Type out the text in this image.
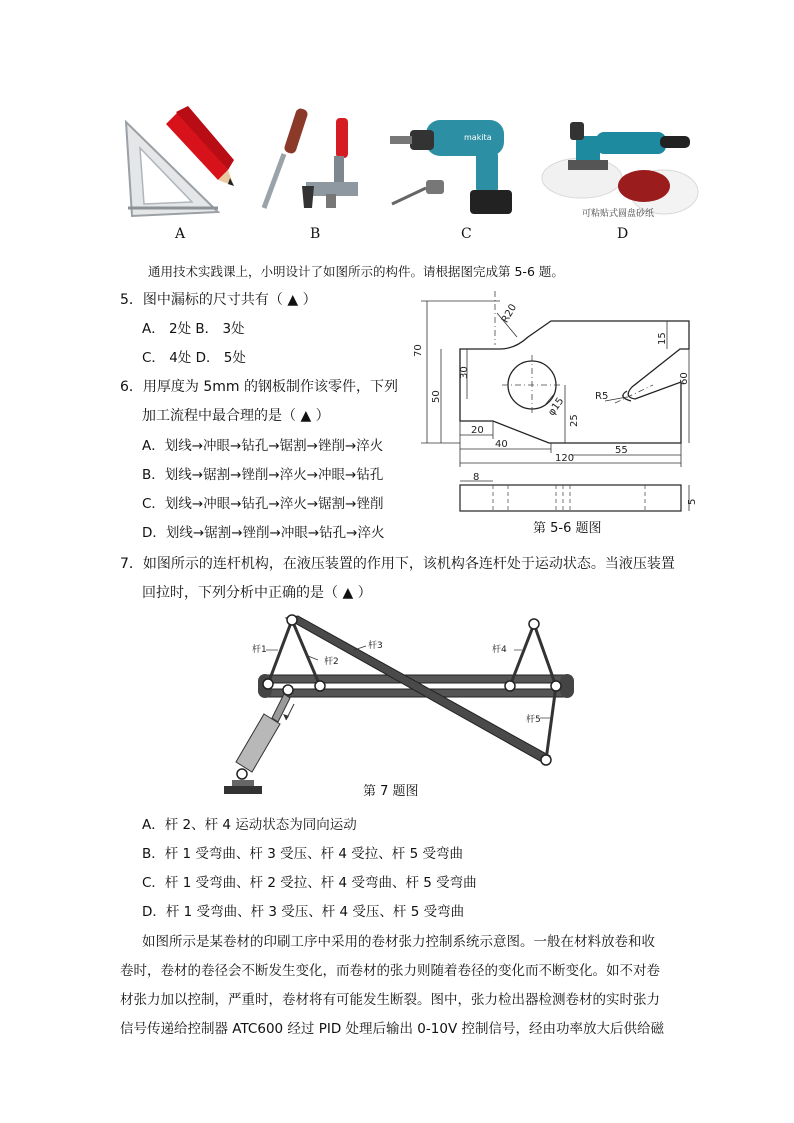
makita
可粘贴式圆盘砂纸
A	B	C	D
通用技术实践课上，小明设计了如图所示的构件。请根据图完成第 5-6 题。
5．图中漏标的尺寸共有（ ▲ ）
A． 2处 B． 3处
C． 4处 D． 5处
6．用厚度为 5mm 的钢板制作该零件，下列
加工流程中最合理的是（ ▲ ）
A．划线→冲眼→钻孔→锯割→锉削→淬火
B．划线→锯割→锉削→淬火→冲眼→钻孔
C．划线→冲眼→钻孔→淬火→锯割→锉削
D．划线→锯割→锉削→冲眼→钻孔→淬火
R20
70
50
30
20
40
120
55
15
60
R5
φ15
25
8
5
第 5-6 题图
7．如图所示的连杆机构，在液压装置的作用下，该机构各连杆处于运动状态。当液压装置
回拉时，下列分析中正确的是（ ▲ ）
杆1
杆2
杆3	杆4
杆5
第 7 题图
A．杆 2、杆 4 运动状态为同向运动
B．杆 1 受弯曲、杆 3 受压、杆 4 受拉、杆 5 受弯曲
C．杆 1 受弯曲、杆 2 受拉、杆 4 受弯曲、杆 5 受弯曲
D．杆 1 受弯曲、杆 3 受压、杆 4 受压、杆 5 受弯曲
如图所示是某卷材的印刷工序中采用的卷材张力控制系统示意图。一般在材料放卷和收
卷时，卷材的卷径会不断发生变化，而卷材的张力则随着卷径的变化而不断变化。如不对卷
材张力加以控制，严重时，卷材将有可能发生断裂。图中，张力检出器检测卷材的实时张力
信号传递给控制器 ATC600 经过 PID 处理后输出 0-10V 控制信号，经由功率放大后供给磁
